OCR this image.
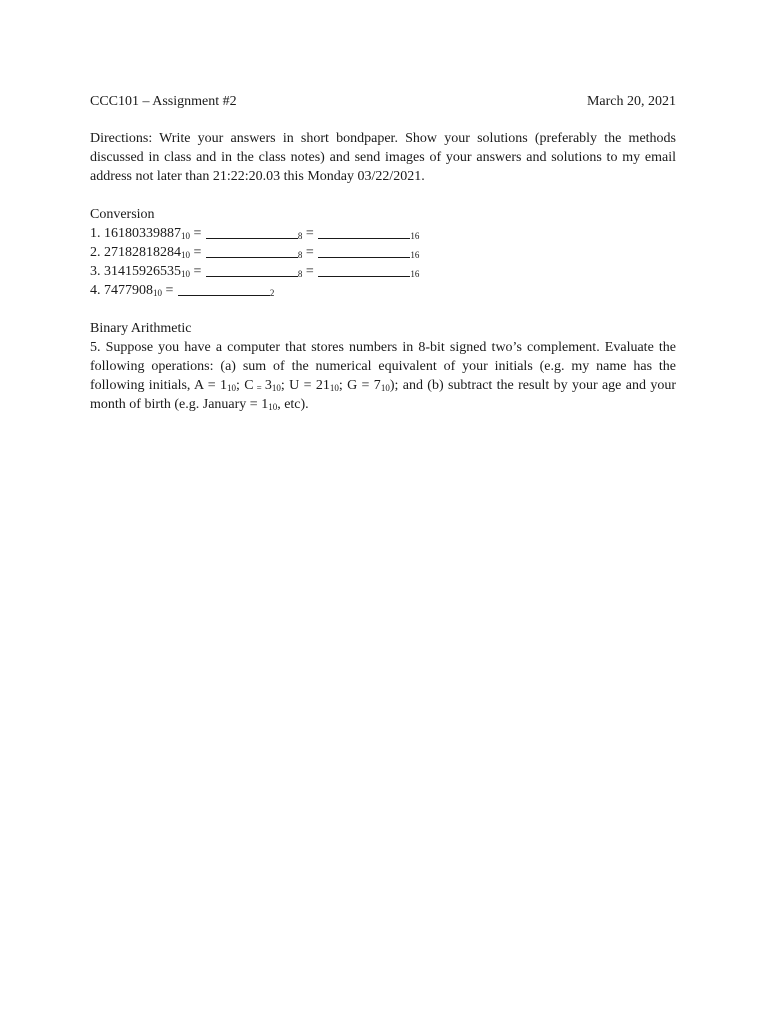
CCC101 – Assignment #2	March 20, 2021
Directions: Write your answers in short bondpaper. Show your solutions (preferably the methods discussed in class and in the class notes) and send images of your answers and solutions to my email address not later than 21:22:20.03 this Monday 03/22/2021.
Conversion
1. $16180339887_{10}$ =	$_8$ =	$_{16}$
2. $27182818284_{10}$ =	$_8$ =	$_{16}$
3. $31415926535_{10}$ =	$_8$ =	$_{16}$
4. $7477908_{10}$ =	$_2$
Binary Arithmetic
5. Suppose you have a computer that stores numbers in 8-bit signed two’s complement. Evaluate the following operations: (a) sum of the numerical equivalent of your initials (e.g. my name has the following initials, $A = 1_{10}$; C $_=$ $3_{10}$; $U = 21_{10}$; $G = 7_{10}$); and (b) subtract the result by your age and your month of birth (e.g. January = $1_{10}$, etc).
